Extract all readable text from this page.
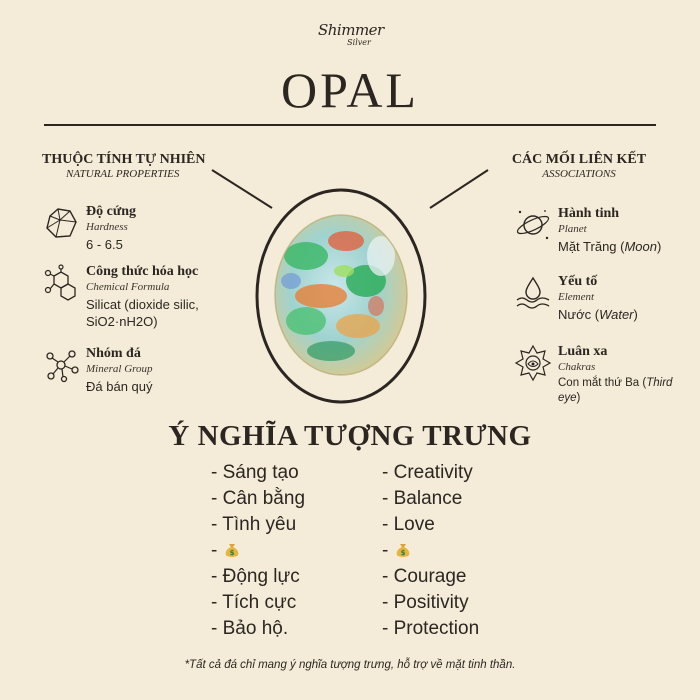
Shimmer
Silver
OPAL
THUỘC TÍNH TỰ NHIÊN
NATURAL PROPERTIES
CÁC MỐI LIÊN KẾT
ASSOCIATIONS
Độ cứng
Hardness
6 - 6.5
Công thức hóa học
Chemical Formula
Silicat (dioxide silic,
SiO2·nH2O)
Nhóm đá
Mineral Group
Đá bán quý
Hành tinh
Planet
Mặt Trăng (Moon)
Yếu tố
Element
Nước (Water)
Luân xa
Chakras
Con mắt thứ Ba (Third eye)
Ý NGHĨA TƯỢNG TRƯNG
- Sáng tạo
- Cân bằng
- Tình yêu
- $
- Động lực
- Tích cực
- Bảo hộ.
- Creativity
- Balance
- Love
- $
- Courage
- Positivity
- Protection
*Tất cả đá chỉ mang ý nghĩa tượng trưng, hỗ trợ về mặt tinh thần.
